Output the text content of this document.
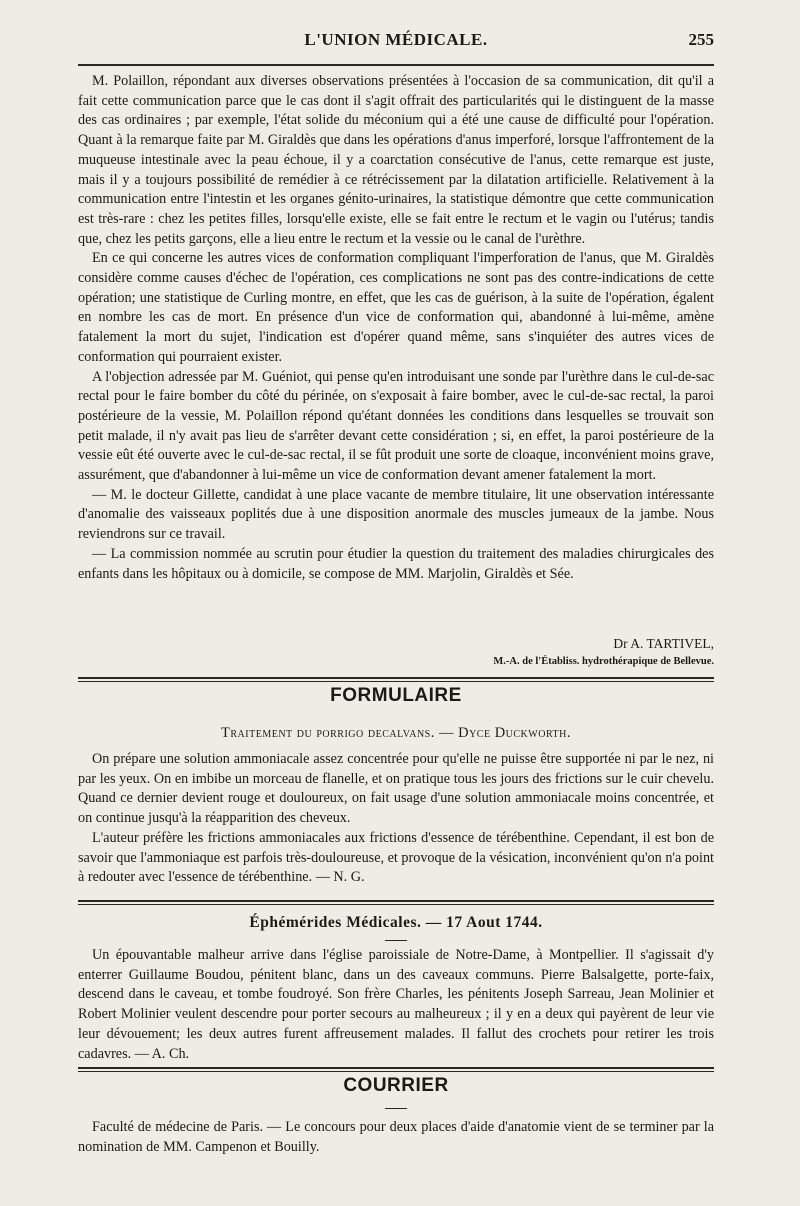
L'UNION MÉDICALE.	255

M. Polaillon, répondant aux diverses observations présentées à l'occasion de sa communication, dit qu'il a fait cette communication parce que le cas dont il s'agit offrait des particularités qui le distinguent de la masse des cas ordinaires ; par exemple, l'état solide du méconium qui a été une cause de difficulté pour l'opération. Quant à la remarque faite par M. Giraldès que dans les opérations d'anus imperforé, lorsque l'affrontement de la muqueuse intestinale avec la peau échoue, il y a coarctation consécutive de l'anus, cette remarque est juste, mais il y a toujours possibilité de remédier à ce rétrécissement par la dilatation artificielle. Relativement à la communication entre l'intestin et les organes génito-urinaires, la statistique démontre que cette communication est très-rare : chez les petites filles, lorsqu'elle existe, elle se fait entre le rectum et le vagin ou l'utérus; tandis que, chez les petits garçons, elle a lieu entre le rectum et la vessie ou le canal de l'urèthre.

En ce qui concerne les autres vices de conformation compliquant l'imperforation de l'anus, que M. Giraldès considère comme causes d'échec de l'opération, ces complications ne sont pas des contre-indications de cette opération; une statistique de Curling montre, en effet, que les cas de guérison, à la suite de l'opération, égalent en nombre les cas de mort. En présence d'un vice de conformation qui, abandonné à lui-même, amène fatalement la mort du sujet, l'indication est d'opérer quand même, sans s'inquiéter des autres vices de conformation qui pourraient exister.

A l'objection adressée par M. Guéniot, qui pense qu'en introduisant une sonde par l'urèthre dans le cul-de-sac rectal pour le faire bomber du côté du périnée, on s'exposait à faire bomber, avec le cul-de-sac rectal, la paroi postérieure de la vessie, M. Polaillon répond qu'étant données les conditions dans lesquelles se trouvait son petit malade, il n'y avait pas lieu de s'arrêter devant cette considération ; si, en effet, la paroi postérieure de la vessie eût été ouverte avec le cul-de-sac rectal, il se fût produit une sorte de cloaque, inconvénient moins grave, assurément, que d'abandonner à lui-même un vice de conformation devant amener fatalement la mort.

— M. le docteur Gillette, candidat à une place vacante de membre titulaire, lit une observation intéressante d'anomalie des vaisseaux poplités due à une disposition anormale des muscles jumeaux de la jambe. Nous reviendrons sur ce travail.

— La commission nommée au scrutin pour étudier la question du traitement des maladies chirurgicales des enfants dans les hôpitaux ou à domicile, se compose de MM. Marjolin, Giraldès et Sée.

Dr A. TARTIVEL,
M.-A. de l'Établiss. hydrothérapique de Bellevue.
FORMULAIRE
Traitement du porrigo decalvans. — Dyce Duckworth.

On prépare une solution ammoniacale assez concentrée pour qu'elle ne puisse être supportée ni par le nez, ni par les yeux. On en imbibe un morceau de flanelle, et on pratique tous les jours des frictions sur le cuir chevelu. Quand ce dernier devient rouge et douloureux, on fait usage d'une solution ammoniacale moins concentrée, et on continue jusqu'à la réapparition des cheveux.

L'auteur préfère les frictions ammoniacales aux frictions d'essence de térébenthine. Cependant, il est bon de savoir que l'ammoniaque est parfois très-douloureuse, et provoque de la vésication, inconvénient qu'on n'a point à redouter avec l'essence de térébenthine. — N. G.

Éphémérides Médicales. — 17 Aout 1744.

Un épouvantable malheur arrive dans l'église paroissiale de Notre-Dame, à Montpellier. Il s'agissait d'y enterrer Guillaume Boudou, pénitent blanc, dans un des caveaux communs. Pierre Balsalgette, porte-faix, descend dans le caveau, et tombe foudroyé. Son frère Charles, les pénitents Joseph Sarreau, Jean Molinier et Robert Molinier veulent descendre pour porter secours au malheureux ; il y en a deux qui payèrent de leur vie leur dévouement; les deux autres furent affreusement malades. Il fallut des crochets pour retirer les trois cadavres. — A. Ch.

COURRIER

Faculté de médecine de Paris. — Le concours pour deux places d'aide d'anatomie vient de se terminer par la nomination de MM. Campenon et Bouilly.
